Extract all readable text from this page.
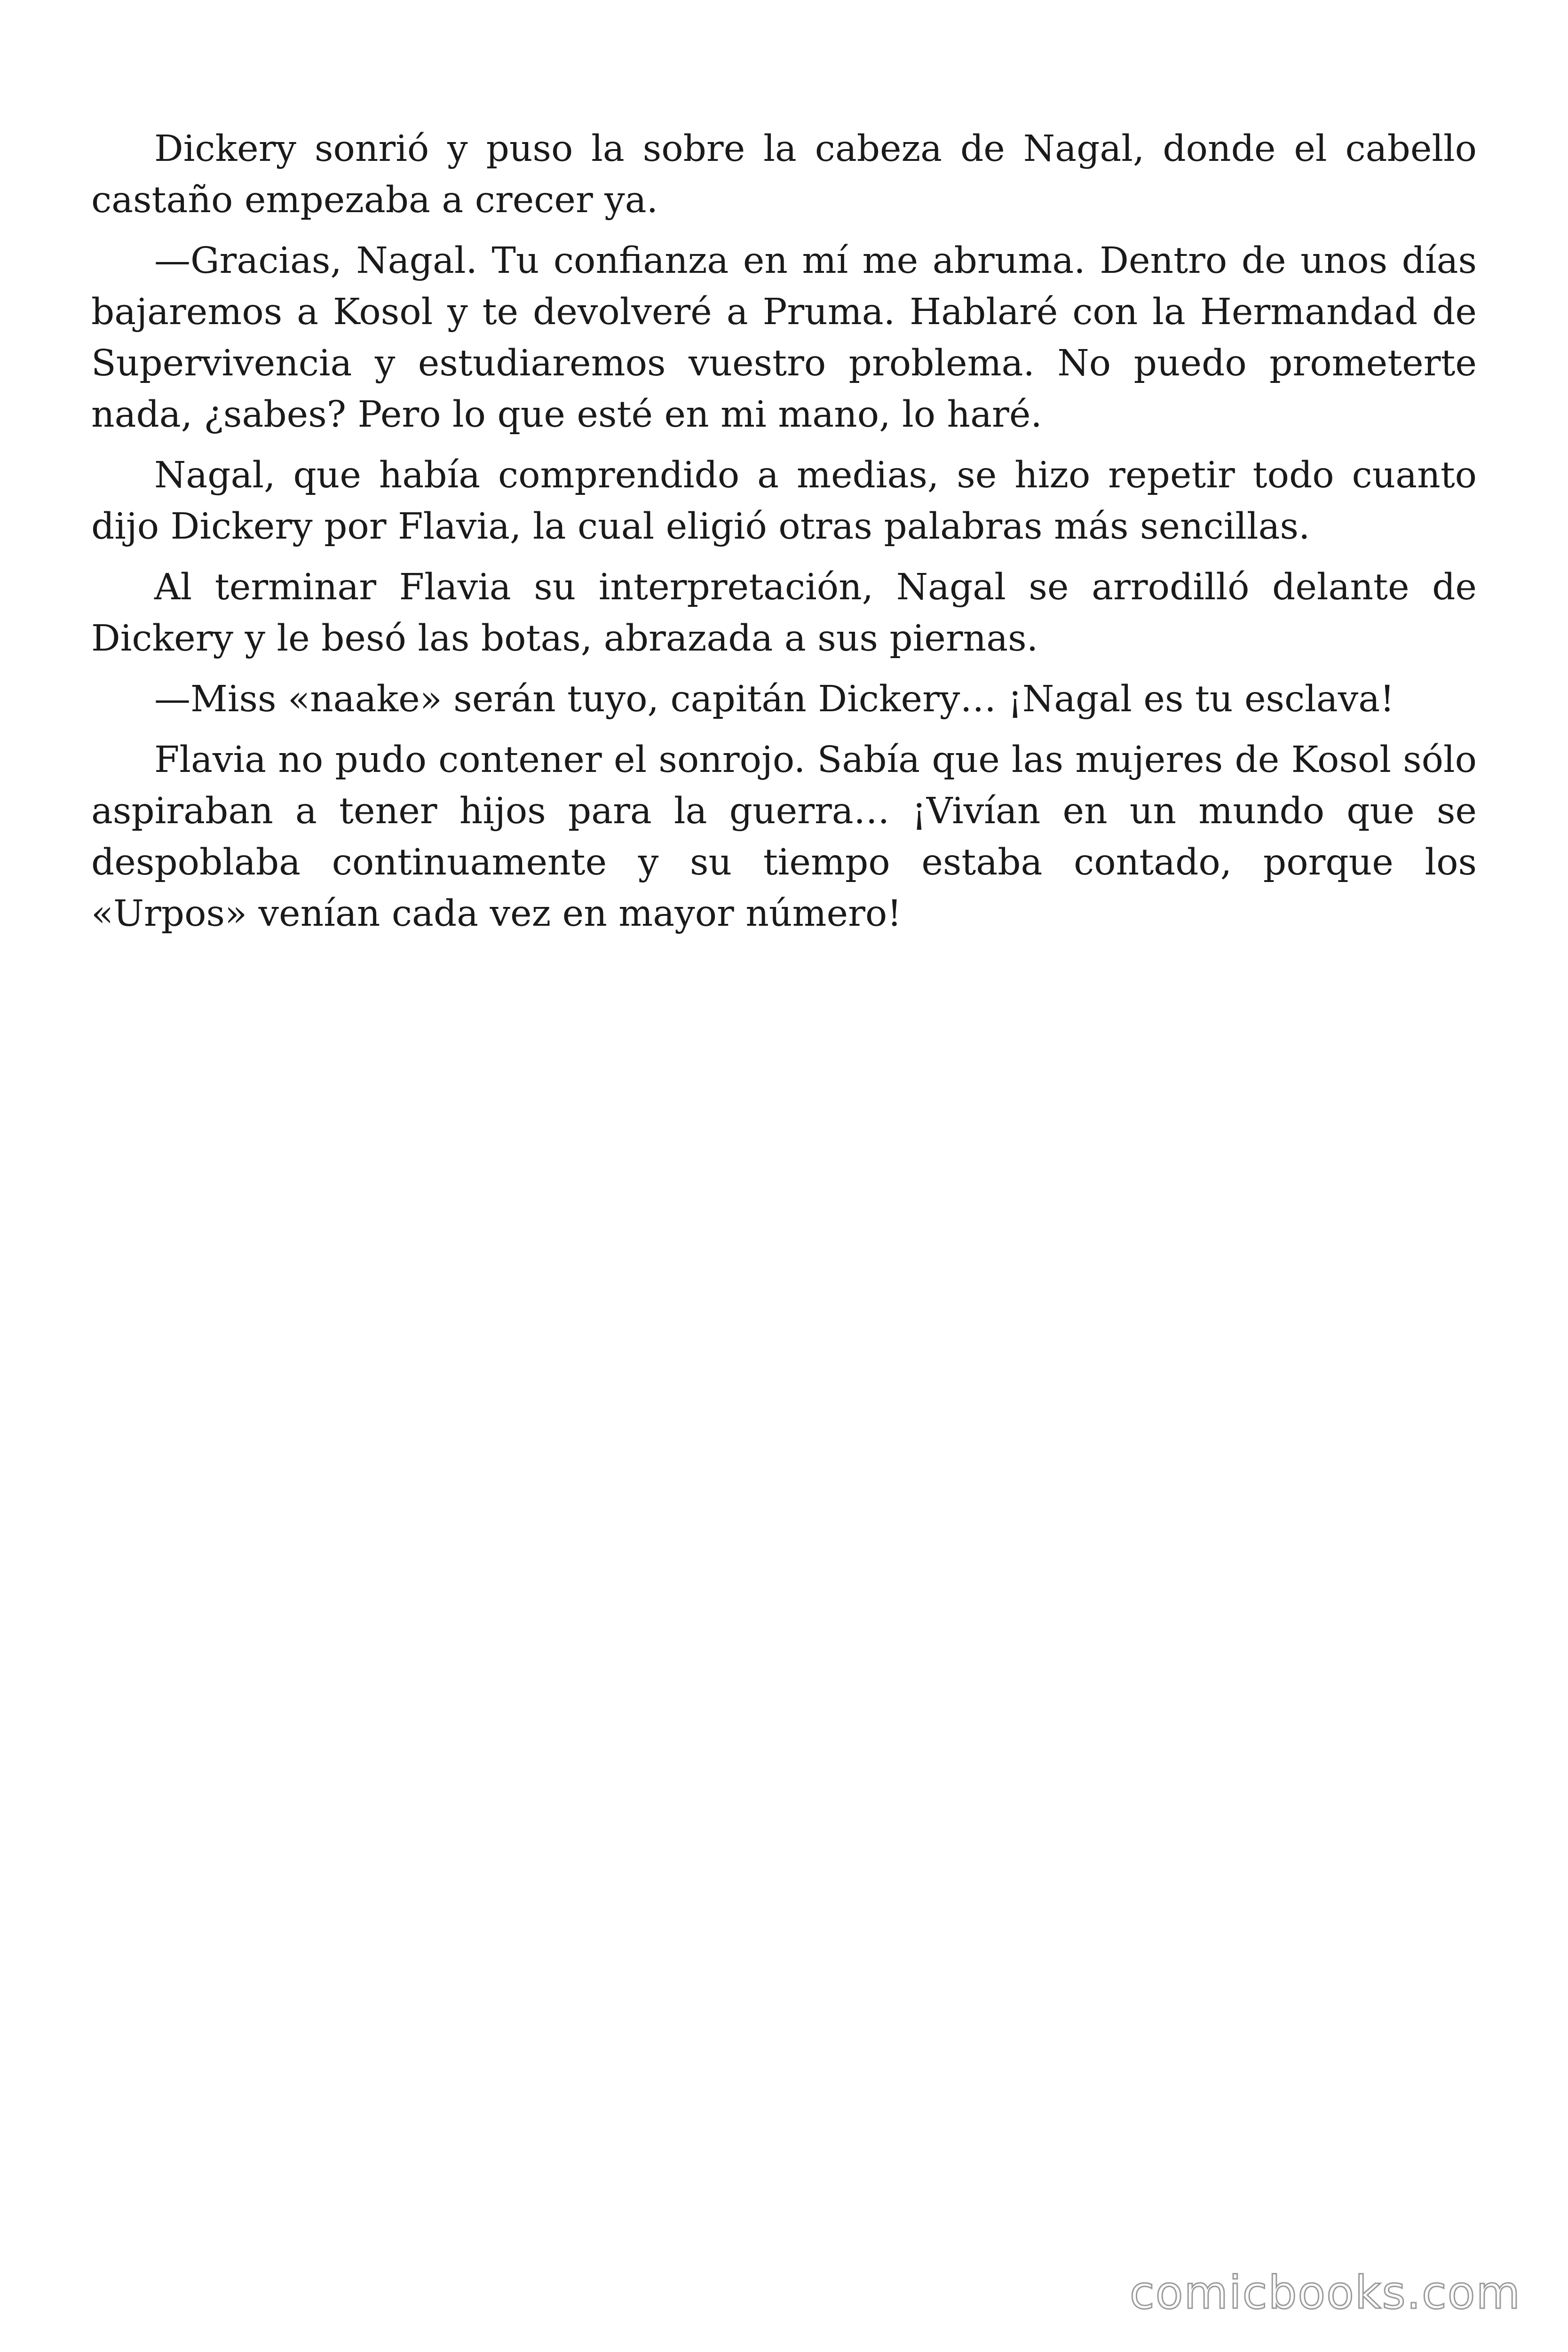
Dickery sonrió y puso la sobre la cabeza de Nagal, donde el cabello castaño empezaba a crecer ya.

—Gracias, Nagal. Tu confianza en mí me abruma. Dentro de unos días bajaremos a Kosol y te devolveré a Pruma. Hablaré con la Hermandad de Supervivencia y estudiaremos vuestro problema. No puedo prometerte nada, ¿sabes? Pero lo que esté en mi mano, lo haré.

Nagal, que había comprendido a medias, se hizo repetir todo cuanto dijo Dickery por Flavia, la cual eligió otras palabras más sencillas.

Al terminar Flavia su interpretación, Nagal se arrodilló delante de Dickery y le besó las botas, abrazada a sus piernas.

—Miss «naake» serán tuyo, capitán Dickery… ¡Nagal es tu esclava!

Flavia no pudo contener el sonrojo. Sabía que las mujeres de Kosol sólo aspiraban a tener hijos para la guerra… ¡Vivían en un mundo que se despoblaba continuamente y su tiempo estaba contado, porque los «Urpos» venían cada vez en mayor número!

comicbooks.com
